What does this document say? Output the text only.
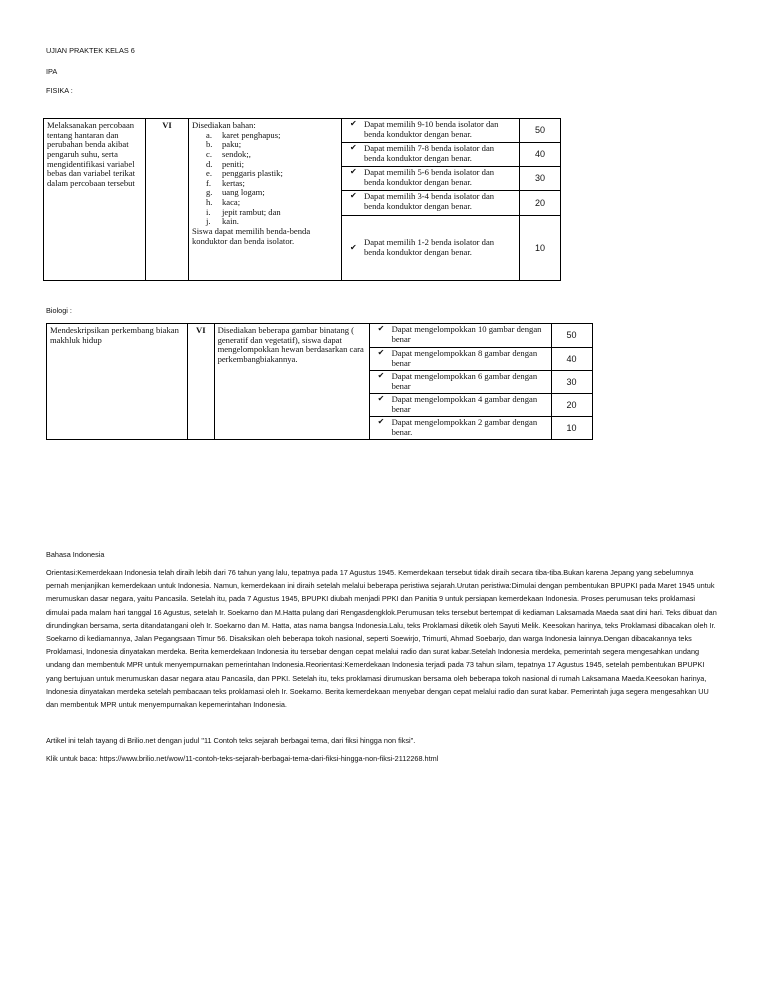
UJIAN PRAKTEK KELAS 6
IPA
FISIKA :
Melaksanakan percobaan tentang hantaran dan perubahan benda akibat pengaruh suhu, serta mengidentifikasi variabel bebas dan variabel terikat dalam percobaan tersebut	VI	Disediakan bahan:
a.	karet penghapus;
b.	paku;
c.	sendok;,
d.	peniti;
e.	penggaris plastik;
f.	kertas;
g.	uang logam;
h.	kaca;
i.	jepit rambut; dan
j.	kain.
Siswa dapat memilih benda-benda konduktor dan benda isolator.

✔ Dapat memilih 9-10 benda isolator dan benda konduktor dengan benar.	50
✔ Dapat memilih 7-8 benda isolator dan benda konduktor dengan benar.	40
✔ Dapat memilih 5-6 benda isolator dan benda konduktor dengan benar.	30
✔ Dapat memilih 3-4 benda isolator dan benda konduktor dengan benar.	20
✔ Dapat memilih 1-2 benda isolator dan benda konduktor dengan benar.	10
Biologi :
Mendeskripsikan perkembang biakan makhluk hidup	VI	Disediakan beberapa gambar binatang ( generatif dan vegetatif), siswa dapat mengelompokkan hewan berdasarkan cara perkembangbiakannya.	
✔ Dapat mengelompokkan 10 gambar dengan benar	50
✔ Dapat mengelompokkan 8 gambar dengan benar	40
✔ Dapat mengelompokkan 6 gambar dengan benar	30
✔ Dapat mengelompokkan 4 gambar dengan benar	20
✔ Dapat mengelompokkan 2 gambar dengan benar.	10
Bahasa Indonesia
Orientasi:Kemerdekaan Indonesia telah diraih lebih dari 76 tahun yang lalu, tepatnya pada 17 Agustus 1945. Kemerdekaan tersebut tidak diraih secara tiba-tiba.Bukan karena Jepang yang sebelumnya pernah menjanjikan kemerdekaan untuk Indonesia. Namun, kemerdekaan ini diraih setelah melalui beberapa peristiwa sejarah.Urutan peristiwa:Dimulai dengan pembentukan BPUPKI pada Maret 1945 untuk merumuskan dasar negara, yaitu Pancasila. Setelah itu, pada 7 Agustus 1945, BPUPKI diubah menjadi PPKI dan Panitia 9 untuk persiapan kemerdekaan Indonesia. Proses perumusan teks proklamasi dimulai pada malam hari tanggal 16 Agustus, setelah Ir. Soekarno dan M.Hatta pulang dari Rengasdengklok.Perumusan teks tersebut bertempat di kediaman Laksamada Maeda saat dini hari. Teks dibuat dan dirundingkan bersama, serta ditandatangani oleh Ir. Soekarno dan M. Hatta, atas nama bangsa Indonesia.Lalu, teks Proklamasi diketik oleh Sayuti Melik. Keesokan harinya, teks Proklamasi dibacakan oleh Ir. Soekarno di kediamannya, Jalan Pegangsaan Timur 56. Disaksikan oleh beberapa tokoh nasional, seperti Soewirjo, Trimurti, Ahmad Soebarjo, dan warga Indonesia lainnya.Dengan dibacakannya teks Proklamasi, Indonesia dinyatakan merdeka. Berita kemerdekaan Indonesia itu tersebar dengan cepat melalui radio dan surat kabar.Setelah Indonesia merdeka, pemerintah segera mengesahkan undang undang dan membentuk MPR untuk menyempurnakan pemerintahan Indonesia.Reorientasi:Kemerdekaan Indonesia terjadi pada 73 tahun silam, tepatnya 17 Agustus 1945, setelah pembentukan BPUPKI yang bertujuan untuk merumuskan dasar negara atau Pancasila, dan PPKI. Setelah itu, teks proklamasi dirumuskan bersama oleh beberapa tokoh nasional di rumah Laksamana Maeda.Keesokan harinya, Indonesia dinyatakan merdeka setelah pembacaan teks proklamasi oleh Ir. Soekarno. Berita kemerdekaan menyebar dengan cepat melalui radio dan surat kabar. Pemerintah juga segera mengesahkan UU dan membentuk MPR untuk menyempurnakan kepemerintahan Indonesia.
Artikel ini telah tayang di Brilio.net dengan judul "11 Contoh teks sejarah berbagai tema, dari fiksi hingga non fiksi".
Klik untuk baca: https://www.brilio.net/wow/11-contoh-teks-sejarah-berbagai-tema-dari-fiksi-hingga-non-fiksi-2112268.html
